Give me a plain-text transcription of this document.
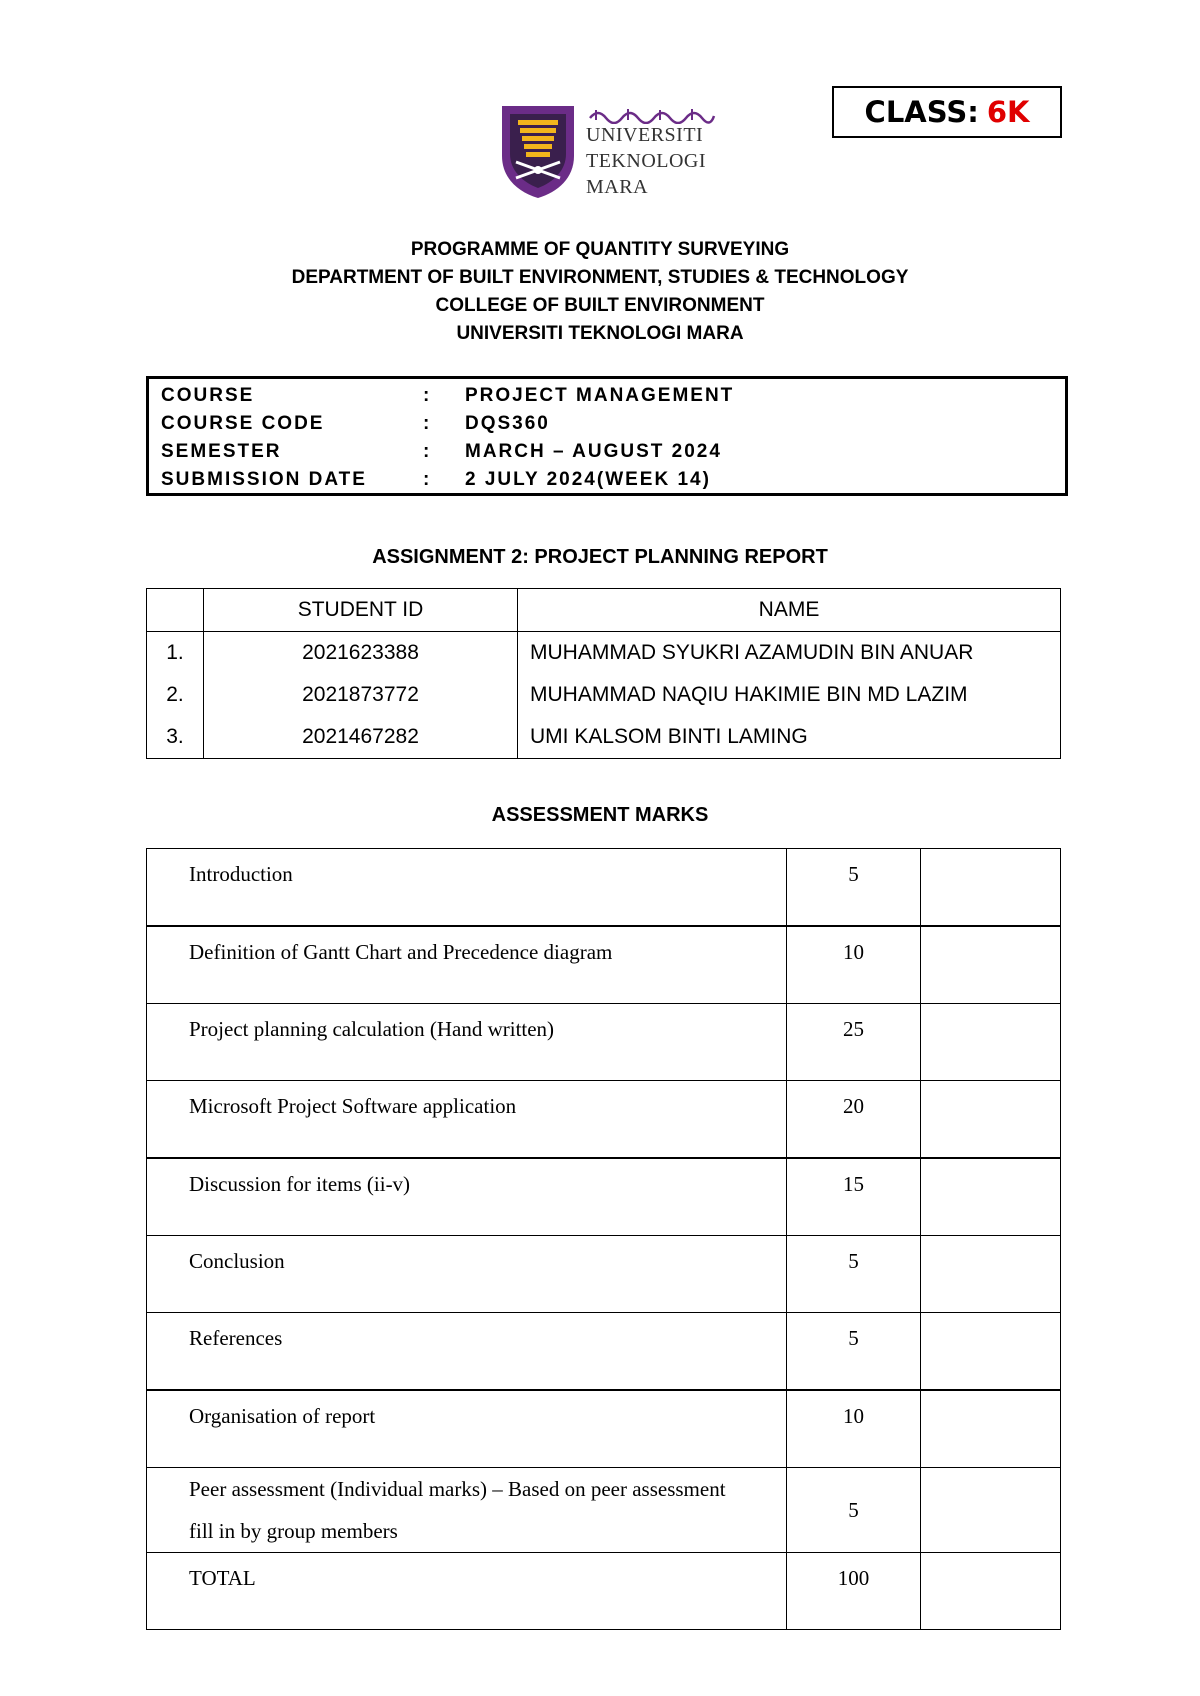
CLASS: 6K
UNIVERSITI
TEKNOLOGI
MARA
PROGRAMME OF QUANTITY SURVEYING
DEPARTMENT OF BUILT ENVIRONMENT, STUDIES & TECHNOLOGY
COLLEGE OF BUILT ENVIRONMENT
UNIVERSITI TEKNOLOGI MARA
COURSE	: PROJECT MANAGEMENT
COURSE CODE	: DQS360
SEMESTER	: MARCH – AUGUST 2024
SUBMISSION DATE	: 2 JULY 2024(WEEK 14)
ASSIGNMENT 2: PROJECT PLANNING REPORT
	STUDENT ID	NAME
1.	2021623388	MUHAMMAD SYUKRI AZAMUDIN BIN ANUAR
2.	2021873772	MUHAMMAD NAQIU HAKIMIE BIN MD LAZIM
3.	2021467282	UMI KALSOM BINTI LAMING
ASSESSMENT MARKS
Introduction	5	
Definition of Gantt Chart and Precedence diagram	10	
Project planning calculation (Hand written)	25	
Microsoft Project Software application	20	
Discussion for items (ii-v)	15	
Conclusion	5	
References	5	
Organisation of report	10	
Peer assessment (Individual marks) – Based on peer assessment fill in by group members	5	
TOTAL	100	
